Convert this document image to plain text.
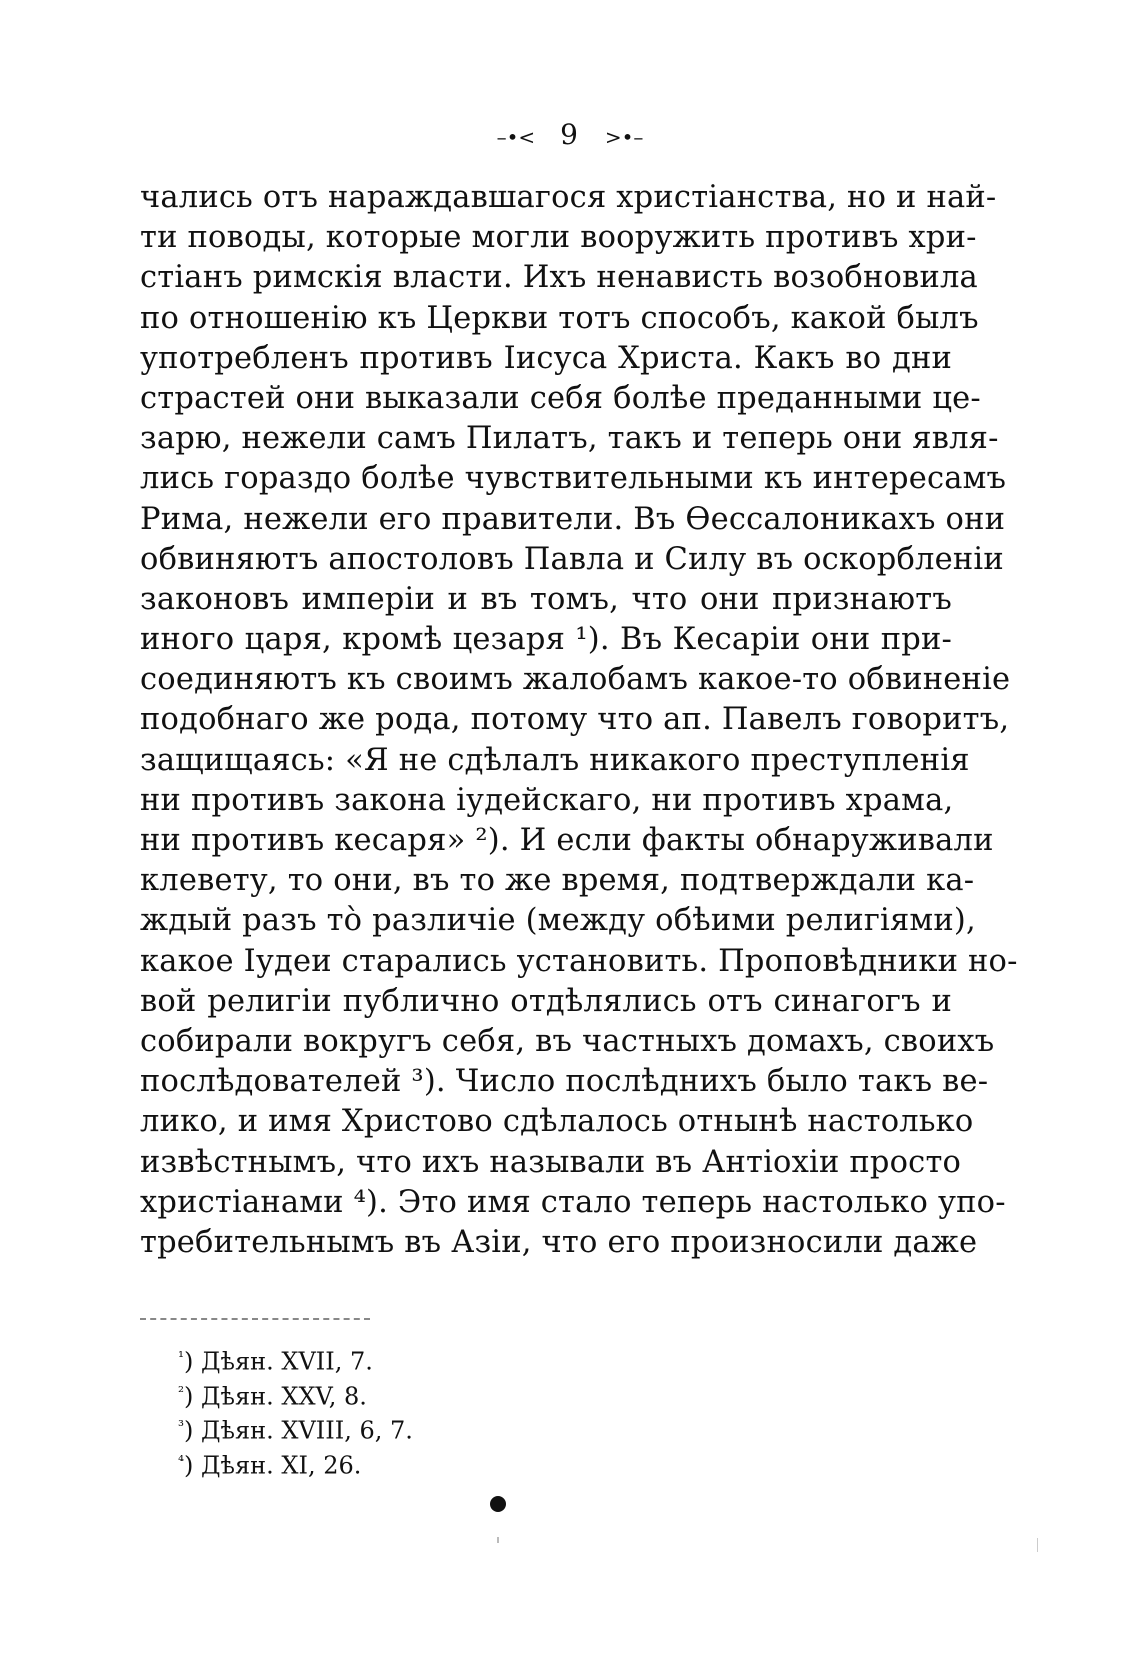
–•< 9 >•–
чались отъ нараждавшагося христіанства, но и най-
ти поводы, которые могли вооружить противъ хри-
стіанъ римскія власти. Ихъ ненависть возобновила
по отношенію къ Церкви тотъ способъ, какой былъ
употребленъ противъ Іисуса Христа. Какъ во дни
страстей они выказали себя болѣе преданными це-
зарю, нежели самъ Пилатъ, такъ и теперь они явля-
лись гораздо болѣе чувствительными къ интересамъ
Рима, нежели его правители. Въ Ѳессалоникахъ они
обвиняютъ апостоловъ Павла и Силу въ оскорбленіи
законовъ имперіи и въ томъ, что они признаютъ
иного царя, кромѣ цезаря ¹). Въ Кесаріи они при-
соединяютъ къ своимъ жалобамъ какое-то обвиненіе
подобнаго же рода, потому что ап. Павелъ говоритъ,
защищаясь: «Я не сдѣлалъ никакого преступленія
ни противъ закона іудейскаго, ни противъ храма,
ни противъ кесаря» ²). И если факты обнаруживали
клевету, то они, въ то же время, подтверждали ка-
ждый разъ тò различіе (между обѣими религіями),
какое Іудеи старались установить. Проповѣдники но-
вой религіи публично отдѣлялись отъ синагогъ и
собирали вокругъ себя, въ частныхъ домахъ, своихъ
послѣдователей ³). Число послѣднихъ было такъ ве-
лико, и имя Христово сдѣлалось отнынѣ настолько
извѣстнымъ, что ихъ называли въ Антіохіи просто
христіанами ⁴). Это имя стало теперь настолько упо-
требительнымъ въ Азіи, что его произносили даже
$^{^1}$) Дѣян. XVII, 7.
$^{^2}$) Дѣян. XXV, 8.
$^{^3}$) Дѣян. XVIII, 6, 7.
$^{^4}$) Дѣян. XI, 26.
